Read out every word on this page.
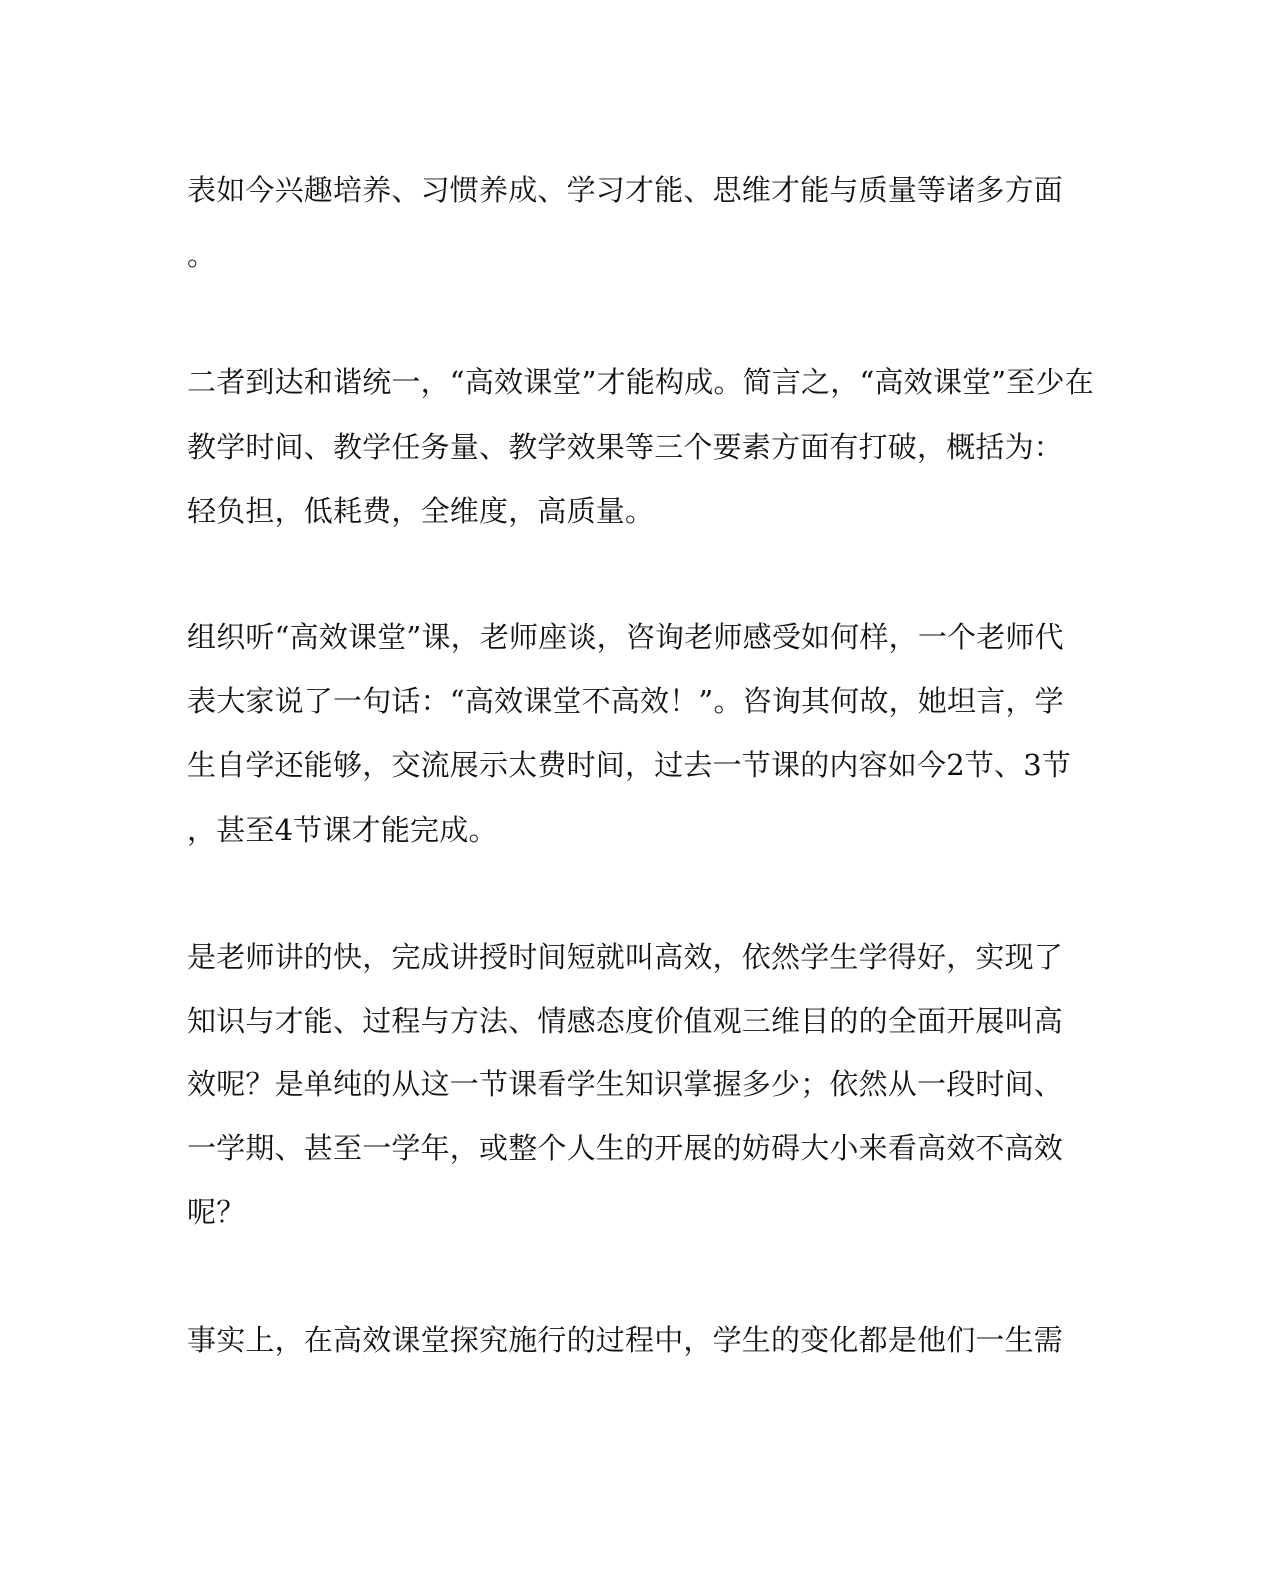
表如今兴趣培养、习惯养成、学习才能、思维才能与质量等诸多方面
。
二者到达和谐统一，“高效课堂”才能构成。简言之，“高效课堂”至少在
教学时间、教学任务量、教学效果等三个要素方面有打破，概括为：
轻负担，低耗费，全维度，高质量。
组织听“高效课堂”课，老师座谈，咨询老师感受如何样，一个老师代
表大家说了一句话：“高效课堂不高效！”。咨询其何故，她坦言，学
生自学还能够，交流展示太费时间，过去一节课的内容如今2节、3节
，甚至4节课才能完成。
是老师讲的快，完成讲授时间短就叫高效，依然学生学得好，实现了
知识与才能、过程与方法、情感态度价值观三维目的的全面开展叫高
效呢？是单纯的从这一节课看学生知识掌握多少；依然从一段时间、
一学期、甚至一学年，或整个人生的开展的妨碍大小来看高效不高效
呢？
事实上，在高效课堂探究施行的过程中，学生的变化都是他们一生需
